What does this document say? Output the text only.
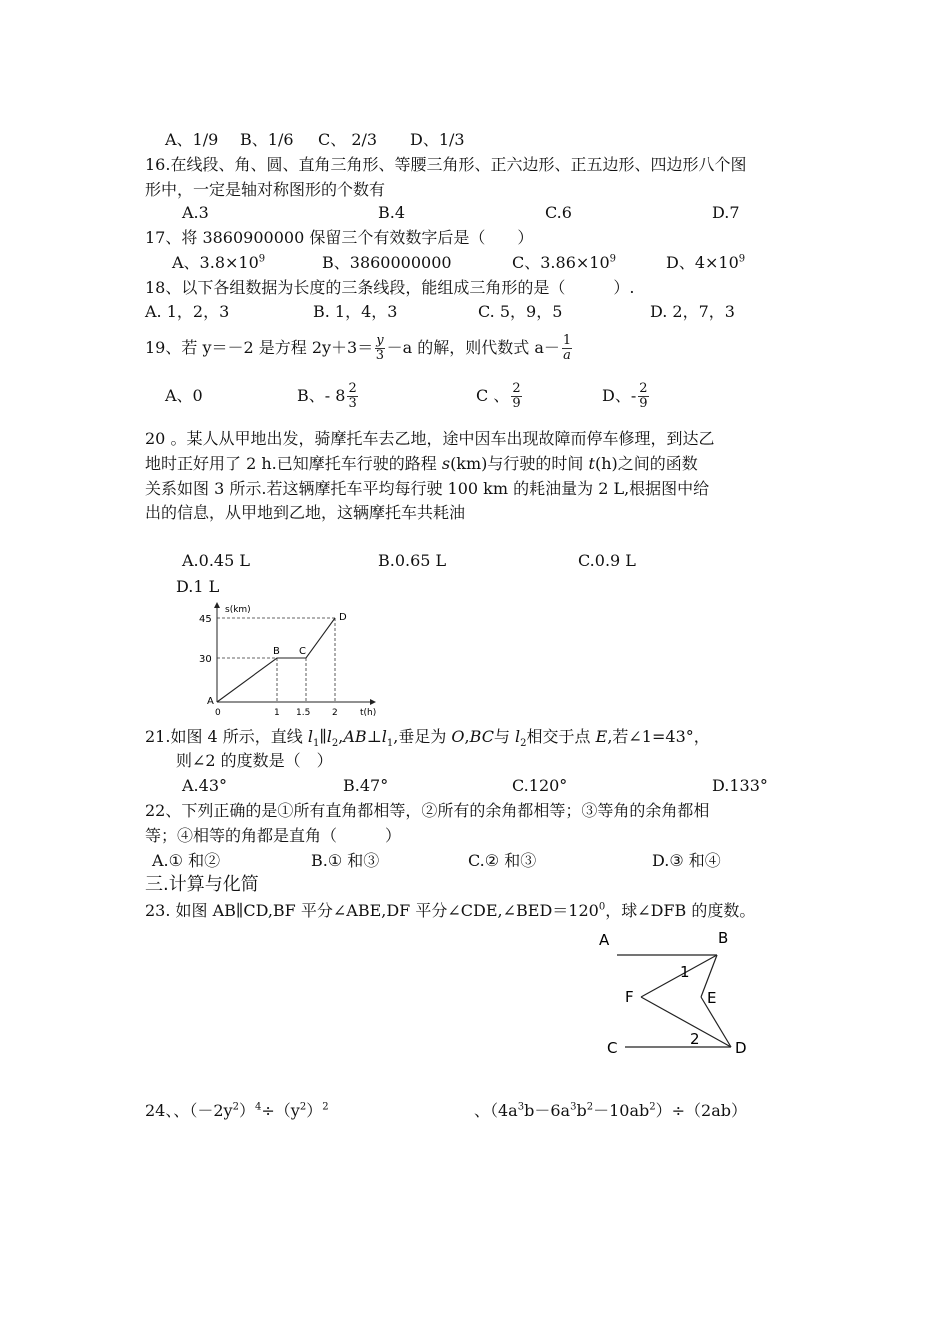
A、1/9 B、1/6 C、 2/3 D、1/3
16.在线段、角、圆、直角三角形、等腰三角形、正六边形、正五边形、四边形八个图
形中，一定是轴对称图形的个数有
A.3	B.4	C.6	D.7
17、将 3860900000 保留三个有效数字后是（　　）
A、$3.8\times 10^9$	B、3860000000	C、$3.86\times 10^9$	D、$4\times 10^9$
18、以下各组数据为长度的三条线段，能组成三角形的是（　　　）.
A. 1，2，3	B. 1，4，3	C. 5，9，5	D. 2，7，3
19、若 y＝－2 是方程 $2y+3= \frac{y}{3} -a$ 的解，则代数式 $a- \frac{1}{a}$
A、0	B、- $8 \frac{2}{3}$	C 、 $\frac{2}{9}$	D、- $\frac{2}{9}$
20 。某人从甲地出发，骑摩托车去乙地，途中因车出现故障而停车修理，到达乙
地时正好用了 2 h.已知摩托车行驶的路程 s(km)与行驶的时间 t(h)之间的函数
关系如图 3 所示.若这辆摩托车平均每行驶 100 km 的耗油量为 2 L,根据图中给
出的信息，从甲地到乙地，这辆摩托车共耗油
A.0.45 L	B.0.65 L	C.0.9 L
D.1 L
s(km)
t(h)
45
30
0	1 1.5 2
A
B C
D
21.如图 4 所示，直线 $l_1\parallel l_2,AB\perp l_1$,垂足为 O,BC与 $l_2$相交于点 E,若∠1=43°，
则∠2 的度数是（　）
A.43°	B.47°	C.120°	D.133°
22、下列正确的是①所有直角都相等，②所有的余角都相等；③等角的余角都相
等；④相等的角都是直角（　　　）
A.① 和②	B.① 和③	C.② 和③	D.③ 和④
三.计算与化简
23. 如图 AB∥CD,BF 平分∠ABE,DF 平分$\angle CDE,\angle BED=120^0$，球∠DFB 的度数。
A	B
C	D
E
F
1
2
24、、$(-2y^2)^4\div(y^2)^2$	、$(4a^3b-6a^3b^2-10ab^2)\div(2ab)$
